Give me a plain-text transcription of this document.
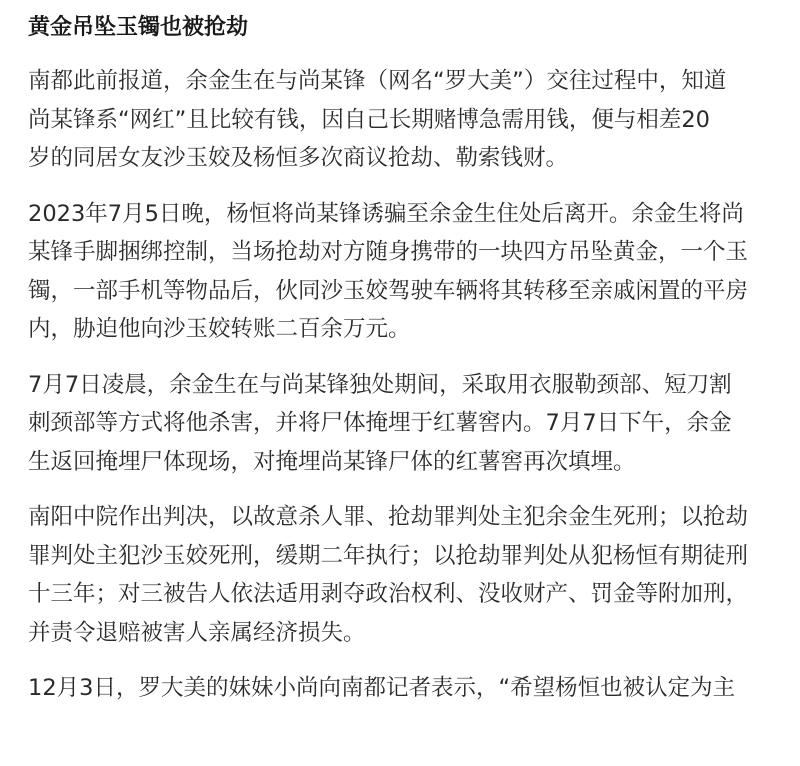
黄金吊坠玉镯也被抢劫

南都此前报道，余金生在与尚某锋（网名“罗大美”）交往过程中，知道
尚某锋系“网红”且比较有钱，因自己长期赌博急需用钱，便与相差20
岁的同居女友沙玉姣及杨恒多次商议抢劫、勒索钱财。

2023年7月5日晚，杨恒将尚某锋诱骗至余金生住处后离开。余金生将尚
某锋手脚捆绑控制，当场抢劫对方随身携带的一块四方吊坠黄金，一个玉
镯，一部手机等物品后，伙同沙玉姣驾驶车辆将其转移至亲戚闲置的平房
内，胁迫他向沙玉姣转账二百余万元。

7月7日凌晨，余金生在与尚某锋独处期间，采取用衣服勒颈部、短刀割
刺颈部等方式将他杀害，并将尸体掩埋于红薯窖内。7月7日下午，余金
生返回掩埋尸体现场，对掩埋尚某锋尸体的红薯窖再次填埋。

南阳中院作出判决，以故意杀人罪、抢劫罪判处主犯余金生死刑；以抢劫
罪判处主犯沙玉姣死刑，缓期二年执行；以抢劫罪判处从犯杨恒有期徒刑
十三年；对三被告人依法适用剥夺政治权利、没收财产、罚金等附加刑，
并责令退赔被害人亲属经济损失。

12月3日，罗大美的妹妹小尚向南都记者表示，“希望杨恒也被认定为主
